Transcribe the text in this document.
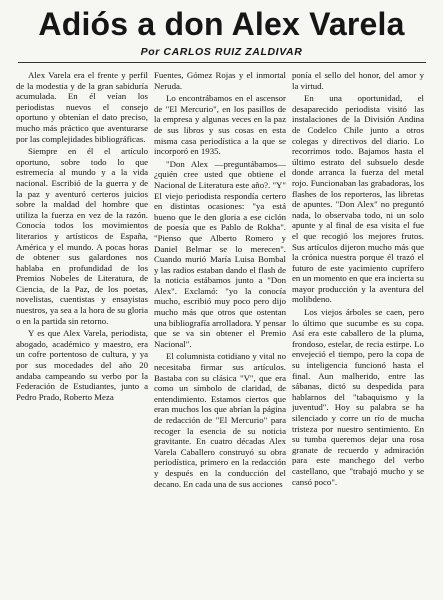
Adiós a don Alex Varela
Por CARLOS RUIZ ZALDIVAR

Alex Varela era el frente y perfil de la modestia y de la gran sabiduría acumulada. En él veían los periodistas nuevos el consejo oportuno y obtenían el dato preciso, mucho más práctico que aventurarse por las complejidades bibliográficas.

Siempre en él el artículo oportuno, sobre todo lo que estremecía al mundo y a la vida nacional. Escribió de la guerra y de la paz y aventuró certeros juicios sobre la maldad del hombre que utiliza la fuerza en vez de la razón. Conocía todos los movimientos literarios y artísticos de España, América y el mundo. A pocas horas de obtener sus galardones nos hablaba en profundidad de los Premios Nobeles de Literatura, de Ciencia, de la Paz, de los poetas, novelistas, cuentistas y ensayistas nuestros, ya sea a la hora de su gloria o en la partida sin retorno.

Y es que Alex Varela, periodista, abogado, académico y maestro, era un cofre portentoso de cultura, y ya por sus mocedades del año 20 andaba campeando su verbo por la Federación de Estudiantes, junto a Pedro Prado, Roberto Meza

Fuentes, Gómez Rojas y el inmortal Neruda.

Lo encontrábamos en el ascensor de "El Mercurio", en los pasillos de la empresa y algunas veces en la paz de sus libros y sus cosas en esta misma casa periodística a la que se incorporó en 1935.

"Don Alex —preguntábamos— ¿quién cree usted que obtiene el Nacional de Literatura este año?. "Y" El viejo periodista respondía certero en distintas ocasiones: "ya está bueno que le den gloria a ese ciclón de poesía que es Pablo de Rokha". "Pienso que Alberto Romero y Daniel Belmar se lo merecen". Cuando murió María Luisa Bombal y las radios estaban dando el flash de la noticia estábamos junto a "Don Alex". Exclamó: "yo la conocía mucho, escribió muy poco pero dijo mucho más que otros que ostentan una bibliografía arrolladora. Y pensar que se va sin obtener el Premio Nacional".

El columnista cotidiano y vital no necesitaba firmar sus artículos. Bastaba con su clásica "V", que era como un símbolo de claridad, de entendimiento. Estamos ciertos que eran muchos los que abrían la página de redacción de "El Mercurio" para recoger la esencia de su noticia gravitante. En cuatro décadas Alex Varela Caballero construyó su obra periodística, primero en la redacción y después en la conducción del decano. En cada una de sus acciones

ponía el sello del honor, del amor y la virtud.

En una oportunidad, el desaparecido periodista visitó las instalaciones de la División Andina de Codelco Chile junto a otros colegas y directivos del diario. Lo recorrimos todo. Bajamos hasta el último estrato del subsuelo desde donde arranca la fuerza del metal rojo. Funcionaban las grabadoras, los flashes de los reporteros, las libretas de apuntes. "Don Alex" no preguntó nada, lo observaba todo, ni un solo apunte y al final de esa visita el fue el que recogió los mejores frutos. Sus artículos dijeron mucho más que la crónica nuestra porque él trazó el futuro de este yacimiento cuprífero en un momento en que era incierta su mayor producción y la aventura del molibdeno.

Los viejos árboles se caen, pero lo último que sucumbe es su copa. Así era este caballero de la pluma, frondoso, estelar, de recia estirpe. Lo envejeció el tiempo, pero la copa de su inteligencia funcionó hasta el final. Aun malherido, entre las sábanas, dictó su despedida para hablarnos del "tabaquismo y la juventud". Hoy su palabra se ha silenciado y corre un río de mucha tristeza por nuestro sentimiento. En su tumba queremos dejar una rosa granate de recuerdo y admiración para este manchego del verbo castellano, que "trabajó mucho y se cansó poco".
